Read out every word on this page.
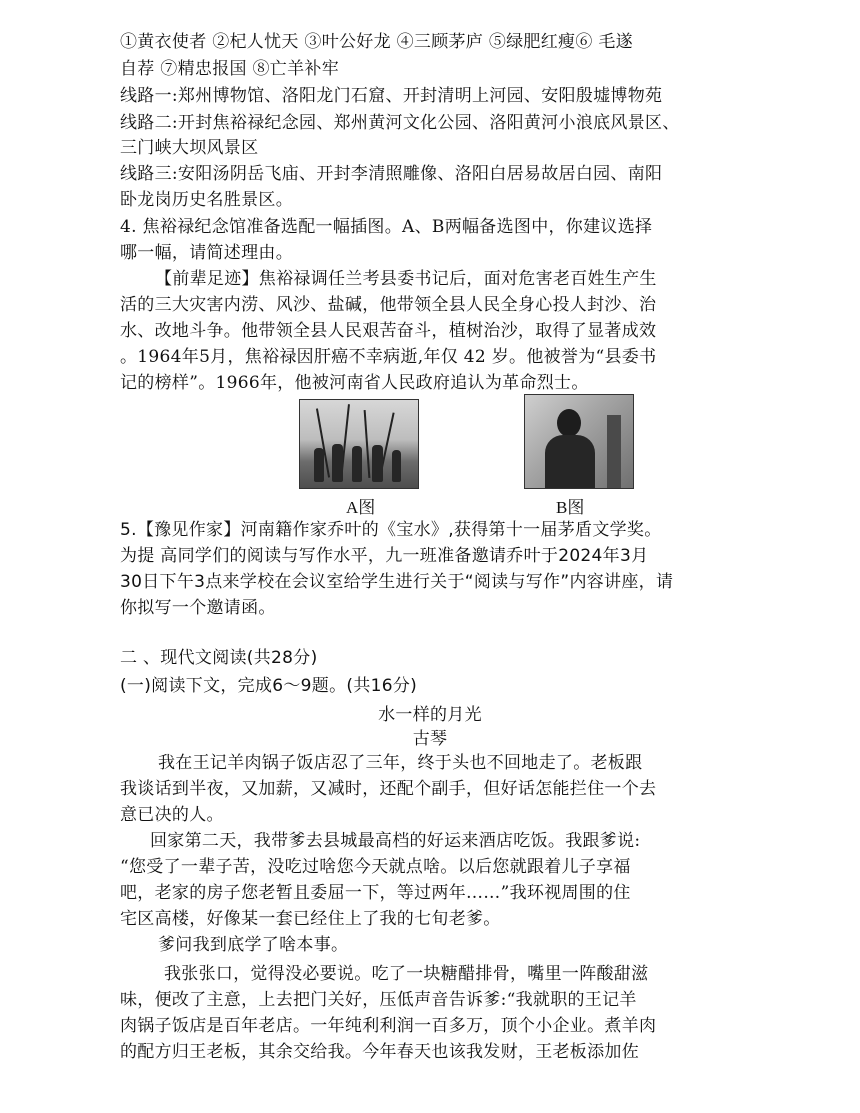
①黄衣使者 ②杞人忧天 ③叶公好龙 ④三顾茅庐 ⑤绿肥红瘦⑥ 毛遂
自荐 ⑦精忠报国 ⑧亡羊补牢
线路一:郑州博物馆、洛阳龙门石窟、开封清明上河园、安阳殷墟博物苑
线路二:开封焦裕禄纪念园、郑州黄河文化公园、洛阳黄河小浪底风景区、
三门峡大坝风景区
线路三:安阳汤阴岳飞庙、开封李清照雕像、洛阳白居易故居白园、南阳
卧龙岗历史名胜景区。
4. 焦裕禄纪念馆准备选配一幅插图。A、B两幅备选图中，你建议选择
哪一幅，请简述理由。
【前辈足迹】焦裕禄调任兰考县委书记后，面对危害老百姓生产生
活的三大灾害内涝、风沙、盐碱，他带领全县人民全身心投人封沙、治
水、改地斗争。他带领全县人民艰苦奋斗，植树治沙，取得了显著成效
。1964年5月，焦裕禄因肝癌不幸病逝,年仅 42 岁。他被誉为“县委书
记的榜样”。1966年，他被河南省人民政府追认为革命烈士。
A图	B图
5.【豫见作家】河南籍作家乔叶的《宝水》,获得第十一届茅盾文学奖。
为提 高同学们的阅读与写作水平，九一班准备邀请乔叶于2024年3月
30日下午3点来学校在会议室给学生进行关于“阅读与写作”内容讲座，请
你拟写一个邀请函。
二 、现代文阅读(共28分)
(一)阅读下文，完成6～9题。(共16分)
水一样的月光
古琴
我在王记羊肉锅子饭店忍了三年，终于头也不回地走了。老板跟
我谈话到半夜，又加薪，又减时，还配个副手，但好话怎能拦住一个去
意已决的人。
回家第二天，我带爹去县城最高档的好运来酒店吃饭。我跟爹说:
“您受了一辈子苦，没吃过啥您今天就点啥。以后您就跟着儿子享福
吧，老家的房子您老暂且委屈一下，等过两年……”我环视周围的住
宅区高楼，好像某一套已经住上了我的七旬老爹。
爹问我到底学了啥本事。
我张张口，觉得没必要说。吃了一块糖醋排骨，嘴里一阵酸甜滋
味，便改了主意，上去把门关好，压低声音告诉爹:“我就职的王记羊
肉锅子饭店是百年老店。一年纯利利润一百多万，顶个小企业。煮羊肉
的配方归王老板，其余交给我。今年春天也该我发财，王老板添加佐
